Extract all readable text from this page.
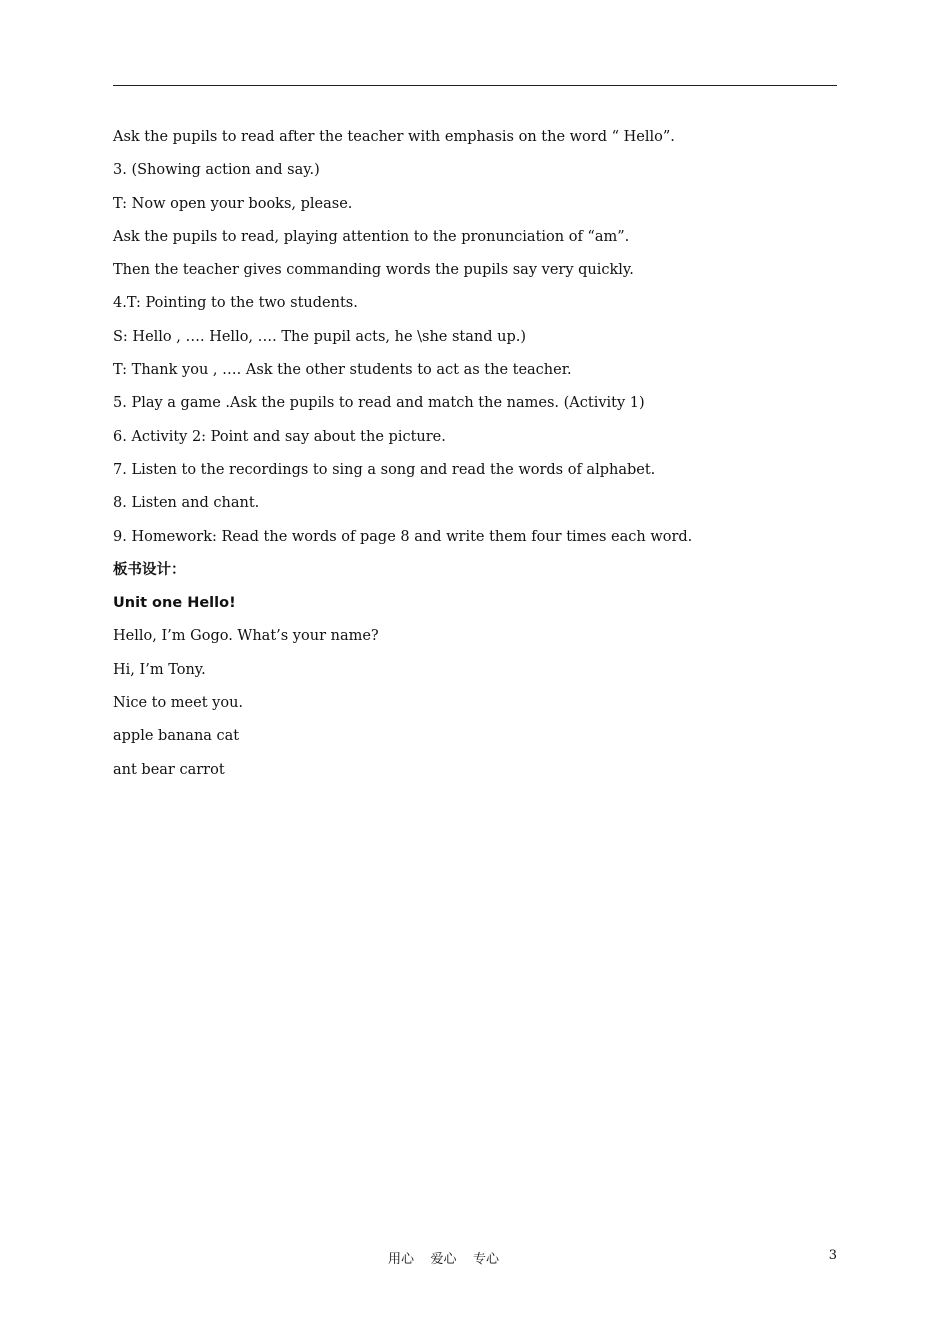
Ask the pupils to read after the teacher with emphasis on the word “ Hello”.
3. (Showing action and say.)
T: Now open your books, please.
Ask the pupils to read, playing attention to the pronunciation of “am”.
Then the teacher gives commanding words the pupils say very quickly.
4.T: Pointing to the two students.
S: Hello , …. Hello, …. The pupil acts, he \she stand up.)
T: Thank you , …. Ask the other students to act as the teacher.
5. Play a game .Ask the pupils to read and match the names. (Activity 1)
6. Activity 2: Point and say about the picture.
7. Listen to the recordings to sing a song and read the words of alphabet.
8. Listen and chant.
9. Homework: Read the words of page 8 and write them four times each word.
板书设计：
Unit one Hello!
Hello, I’m Gogo. What’s your name?
Hi, I’m Tony.
Nice to meet you.
apple banana cat
ant bear carrot
用心    爱心    专心	3
